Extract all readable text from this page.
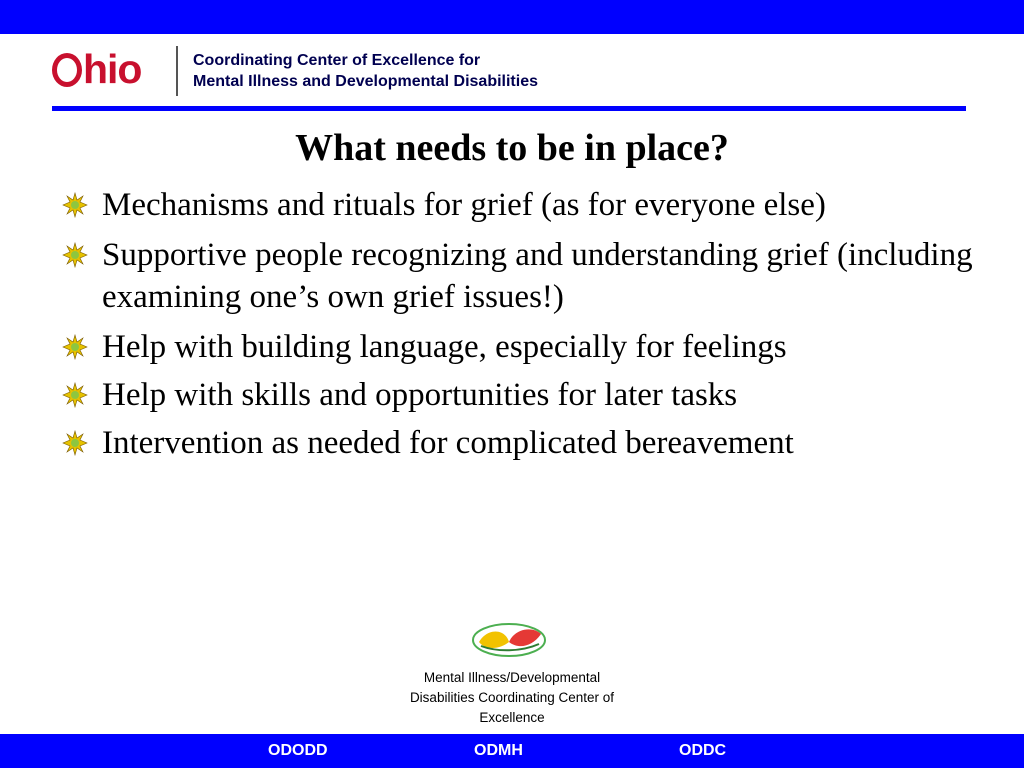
hio	Coordinating Center of Excellence for
Mental Illness and Developmental Disabilities
What needs to be in place?
Mechanisms and rituals for grief (as for everyone else)
Supportive people recognizing and understanding grief (including examining one’s own grief issues!)
Help with building language, especially for feelings
Help with skills and opportunities for later tasks
Intervention as needed for complicated bereavement
Mental Illness/Developmental
Disabilities Coordinating Center of
Excellence
ODODD	ODMH	ODDC
